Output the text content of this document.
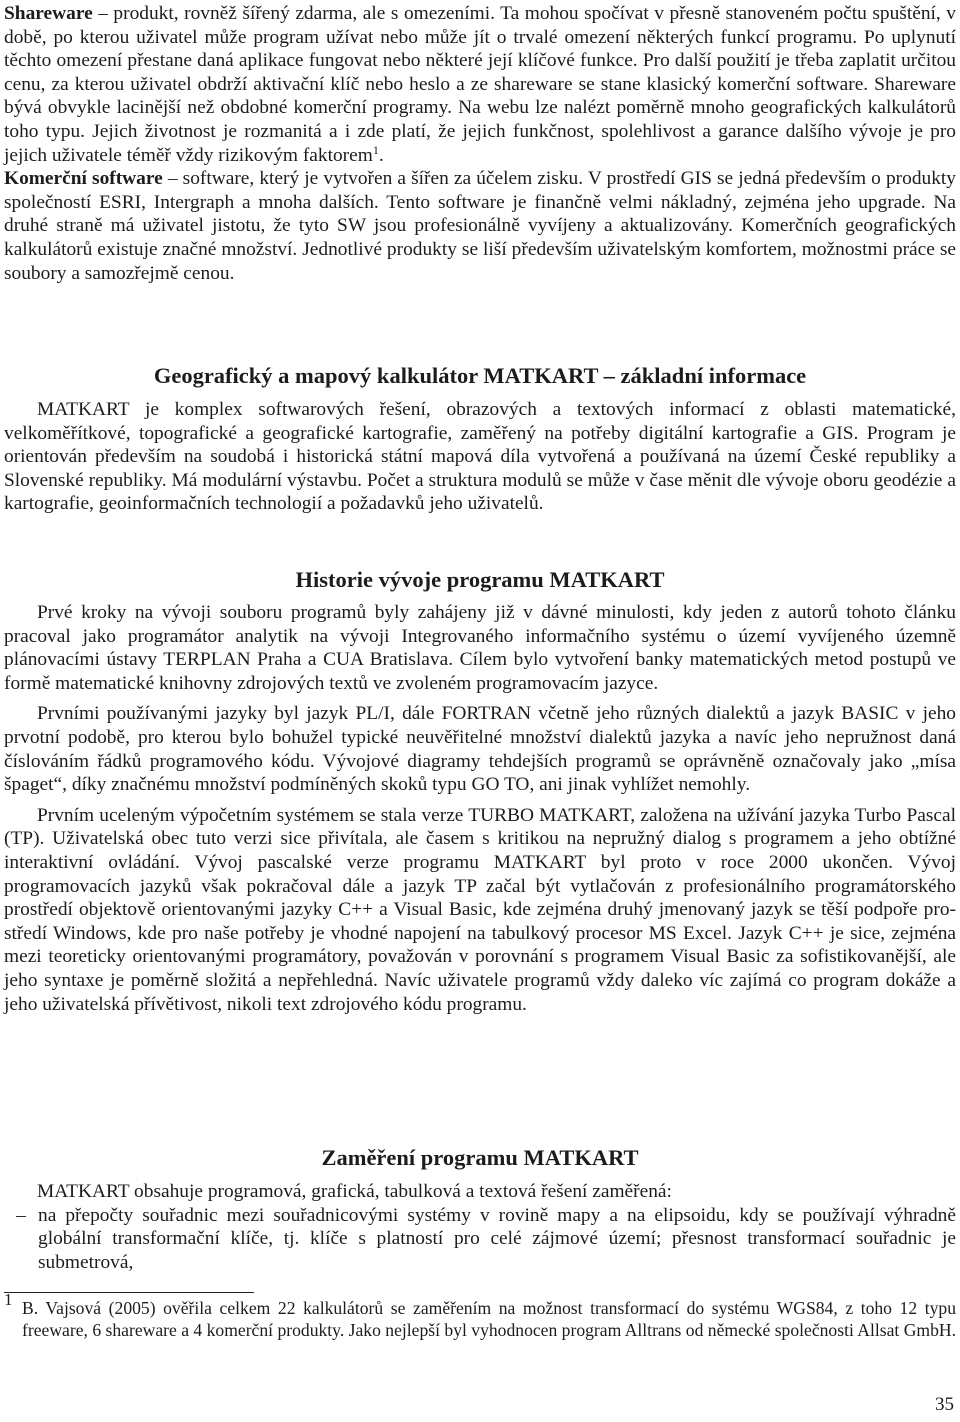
Shareware – produkt, rovněž šířený zdarma, ale s omezeními. Ta mohou spočívat v přesně stanoveném počtu spuštění, v době, po kterou uživatel může program užívat nebo může jít o trvalé omezení některých funkcí programu. Po uplynutí těchto omezení přestane daná aplikace fungovat nebo některé její klíčové funkce. Pro další použití je třeba zaplatit určitou cenu, za kterou uživatel obdrží aktivační klíč nebo heslo a ze shareware se stane klasický komerční software. Shareware bývá obvykle lacinější než obdobné komerční programy. Na webu lze nalézt poměrně mnoho geografických kalkulátorů toho typu. Jejich životnost je rozmanitá a i zde platí, že jejich funkčnost, spolehlivost a garance dalšího vývoje je pro jejich uživatele téměř vždy rizikovým faktorem$^1$.

Komerční software – software, který je vytvořen a šířen za účelem zisku. V prostředí GIS se jedná především o produkty společností ESRI, Intergraph a mnoha dalších. Tento software je finančně velmi nákladný, zejména jeho upgrade. Na druhé straně má uživatel jistotu, že tyto SW jsou profesionálně vyvíjeny a aktualizovány. Komerčních geografických kalkulátorů existuje značné množství. Jednotlivé produkty se liší především uživatelským komfortem, možnostmi práce se soubory a samozřejmě cenou.

Geografický a mapový kalkulátor MATKART – základní informace

MATKART je komplex softwarových řešení, obrazových a textových informací z oblasti matematické, velkoměřítkové, topografické a geografické kartografie, zaměřený na potřeby digitální kartografie a GIS. Program je orientován především na soudobá i historická státní mapová díla vytvořená a používaná na území České republiky a Slovenské republiky. Má modulární výstavbu. Počet a struktura modulů se může v čase měnit dle vývoje oboru geodézie a kartografie, geoinformačních technologií a požadavků jeho uživatelů.

Historie vývoje programu MATKART

Prvé kroky na vývoji souboru programů byly zahájeny již v dávné minulosti, kdy jeden z autorů tohoto článku pracoval jako programátor analytik na vývoji Integrovaného informačního systému o území vyvíjeného územně plánovacími ústavy TERPLAN Praha a CUA Bratislava. Cílem bylo vytvoření banky matematických metod postupů ve formě matematické knihovny zdrojových textů ve zvoleném programovacím jazyce.

Prvními používanými jazyky byl jazyk PL/I, dále FORTRAN včetně jeho různých dialektů a jazyk BASIC v jeho prvotní podobě, pro kterou bylo bohužel typické neuvěřitelné množství dialektů jazyka a navíc jeho nepružnost daná číslováním řádků programového kódu. Vývojové diagramy tehdejších programů se oprávněně označovaly jako „mísa špaget“, díky značnému množství podmíněných skoků typu GO TO, ani jinak vyhlížet nemohly.

Prvním uceleným výpočetním systémem se stala verze TURBO MATKART, založena na užívání jazyka Turbo Pascal (TP). Uživatelská obec tuto verzi sice přivítala, ale časem s kritikou na nepružný dialog s programem a jeho obtížné interaktivní ovládání. Vývoj pascalské verze programu MATKART byl proto v roce 2000 ukončen. Vývoj programovacích jazyků však pokračoval dále a jazyk TP začal být vytlačován z profesionálního programátorského prostředí objektově orientovanými jazyky C++ a Visual Basic, kde zejména druhý jmenovaný jazyk se těší podpoře prostředí Windows, kde pro naše potřeby je vhodné napojení na tabulkový procesor MS Excel. Jazyk C++ je sice, zejména mezi teoreticky orientovanými programátory, považován v porovnání s programem Visual Basic za sofistikovanější, ale jeho syntaxe je poměrně složitá a nepřehledná. Navíc uživatele programů vždy daleko víc zajímá co program dokáže a jeho uživatelská přívětivost, nikoli text zdrojového kódu programu.

Zaměření programu MATKART

MATKART obsahuje programová, grafická, tabulková a textová řešení zaměřená:

– na přepočty souřadnic mezi souřadnicovými systémy v rovině mapy a na elipsoidu, kdy se používají výhradně globální transformační klíče, tj. klíče s platností pro celé zájmové území; přesnost transformací souřadnic je submetrová,
1 B. Vajsová (2005) ověřila celkem 22 kalkulátorů se zaměřením na možnost transformací do systému WGS84, z toho 12 typu freeware, 6 shareware a 4 komerční produkty. Jako nejlepší byl vyhodnocen program Alltrans od německé společnosti Allsat GmbH.
35
